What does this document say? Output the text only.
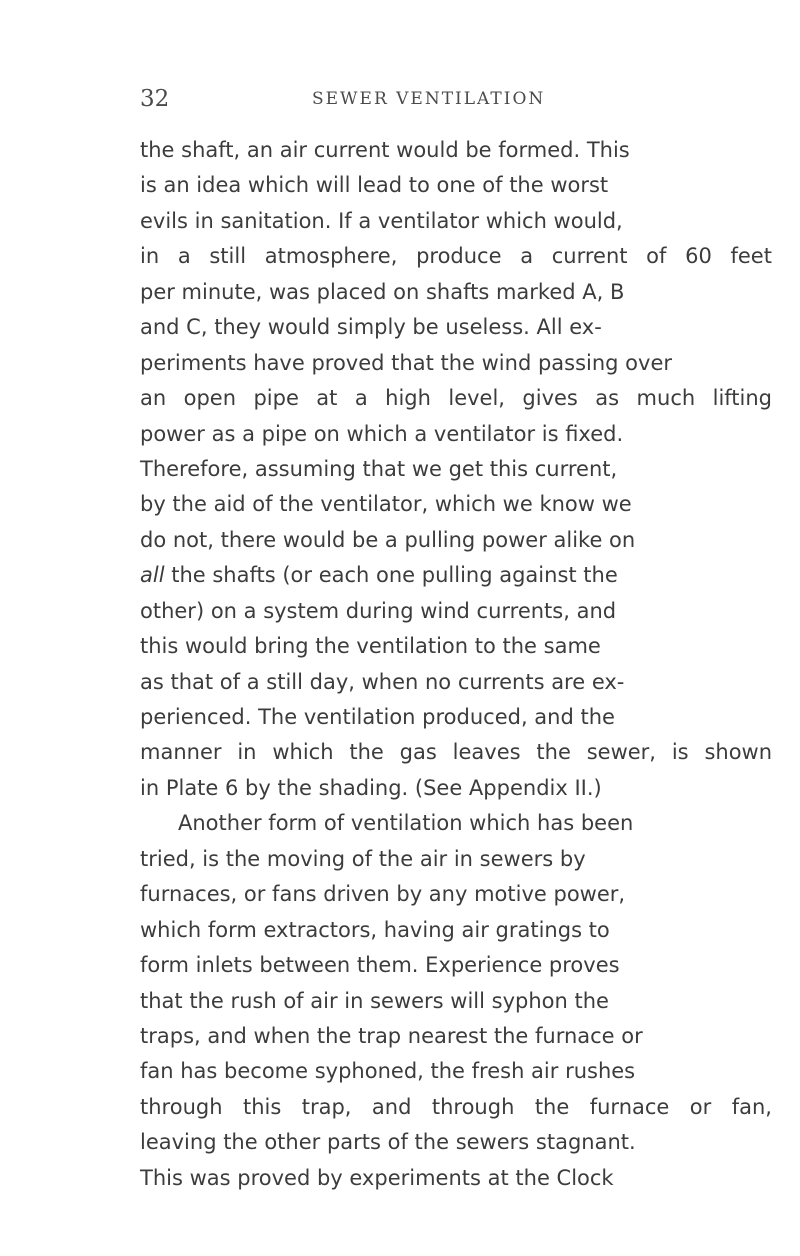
32	SEWER VENTILATION
the shaft, an air current would be formed. This
is an idea which will lead to one of the worst
evils in sanitation. If a ventilator which would,
in a still atmosphere, produce a current of 60 feet
per minute, was placed on shafts marked A, B
and C, they would simply be useless. All ex-
periments have proved that the wind passing over
an open pipe at a high level, gives as much lifting
power as a pipe on which a ventilator is fixed.
Therefore, assuming that we get this current,
by the aid of the ventilator, which we know we
do not, there would be a pulling power alike on
all the shafts (or each one pulling against the
other) on a system during wind currents, and
this would bring the ventilation to the same
as that of a still day, when no currents are ex-
perienced. The ventilation produced, and the
manner in which the gas leaves the sewer, is shown
in Plate 6 by the shading. (See Appendix II.)
Another form of ventilation which has been
tried, is the moving of the air in sewers by
furnaces, or fans driven by any motive power,
which form extractors, having air gratings to
form inlets between them. Experience proves
that the rush of air in sewers will syphon the
traps, and when the trap nearest the furnace or
fan has become syphoned, the fresh air rushes
through this trap, and through the furnace or fan,
leaving the other parts of the sewers stagnant.
This was proved by experiments at the Clock
